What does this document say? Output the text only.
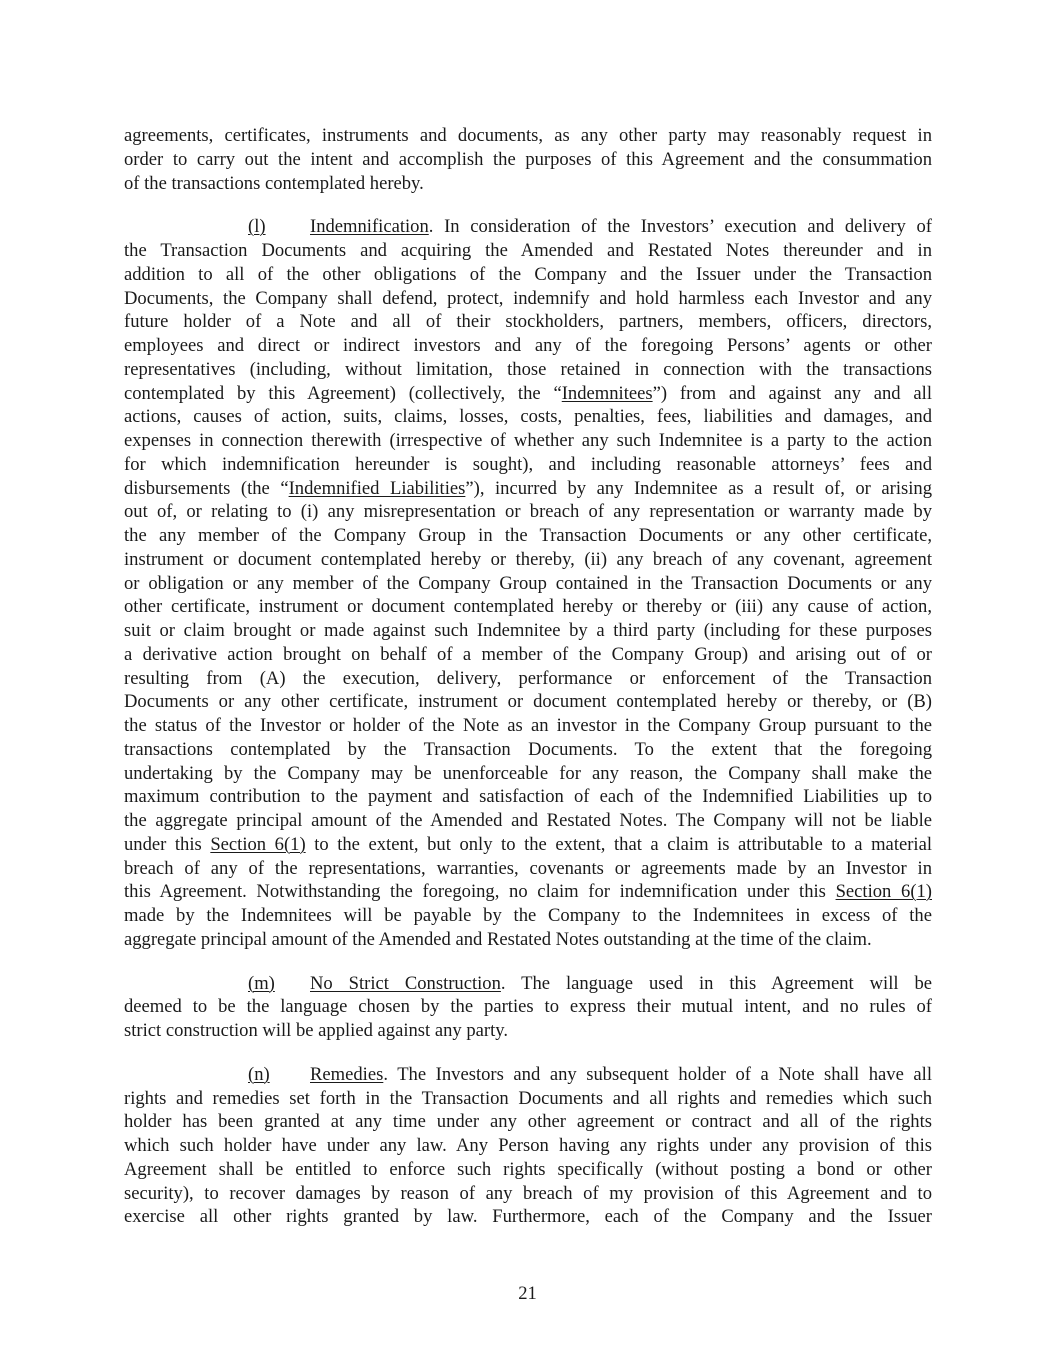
agreements, certificates, instruments and documents, as any other party may reasonably request in
order to carry out the intent and accomplish the purposes of this Agreement and the consummation
of the transactions contemplated hereby.
(l) Indemnification. In consideration of the Investors’ execution and delivery of
the Transaction Documents and acquiring the Amended and Restated Notes thereunder and in
addition to all of the other obligations of the Company and the Issuer under the Transaction
Documents, the Company shall defend, protect, indemnify and hold harmless each Investor and any
future holder of a Note and all of their stockholders, partners, members, officers, directors,
employees and direct or indirect investors and any of the foregoing Persons’ agents or other
representatives (including, without limitation, those retained in connection with the transactions
contemplated by this Agreement) (collectively, the “Indemnitees”) from and against any and all
actions, causes of action, suits, claims, losses, costs, penalties, fees, liabilities and damages, and
expenses in connection therewith (irrespective of whether any such Indemnitee is a party to the action
for which indemnification hereunder is sought), and including reasonable attorneys’ fees and
disbursements (the “Indemnified Liabilities”), incurred by any Indemnitee as a result of, or arising
out of, or relating to (i) any misrepresentation or breach of any representation or warranty made by
the any member of the Company Group in the Transaction Documents or any other certificate,
instrument or document contemplated hereby or thereby, (ii) any breach of any covenant, agreement
or obligation or any member of the Company Group contained in the Transaction Documents or any
other certificate, instrument or document contemplated hereby or thereby or (iii) any cause of action,
suit or claim brought or made against such Indemnitee by a third party (including for these purposes
a derivative action brought on behalf of a member of the Company Group) and arising out of or
resulting from (A) the execution, delivery, performance or enforcement of the Transaction
Documents or any other certificate, instrument or document contemplated hereby or thereby, or (B)
the status of the Investor or holder of the Note as an investor in the Company Group pursuant to the
transactions contemplated by the Transaction Documents. To the extent that the foregoing
undertaking by the Company may be unenforceable for any reason, the Company shall make the
maximum contribution to the payment and satisfaction of each of the Indemnified Liabilities up to
the aggregate principal amount of the Amended and Restated Notes. The Company will not be liable
under this Section 6(1) to the extent, but only to the extent, that a claim is attributable to a material
breach of any of the representations, warranties, covenants or agreements made by an Investor in
this Agreement. Notwithstanding the foregoing, no claim for indemnification under this Section 6(1)
made by the Indemnitees will be payable by the Company to the Indemnitees in excess of the
aggregate principal amount of the Amended and Restated Notes outstanding at the time of the claim.
(m) No Strict Construction. The language used in this Agreement will be
deemed to be the language chosen by the parties to express their mutual intent, and no rules of
strict construction will be applied against any party.
(n) Remedies. The Investors and any subsequent holder of a Note shall have all
rights and remedies set forth in the Transaction Documents and all rights and remedies which such
holder has been granted at any time under any other agreement or contract and all of the rights
which such holder have under any law. Any Person having any rights under any provision of this
Agreement shall be entitled to enforce such rights specifically (without posting a bond or other
security), to recover damages by reason of any breach of my provision of this Agreement and to
exercise all other rights granted by law. Furthermore, each of the Company and the Issuer
21
